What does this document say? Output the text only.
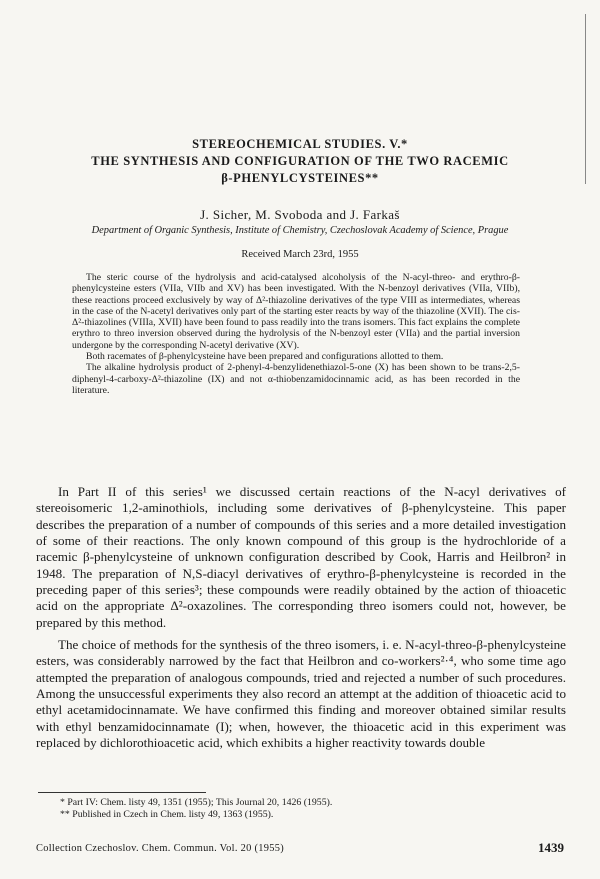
STEREOCHEMICAL STUDIES. V.*
THE SYNTHESIS AND CONFIGURATION OF THE TWO RACEMIC
β-PHENYLCYSTEINES**
J. Sicher, M. Svoboda and J. Farkaš
Department of Organic Synthesis, Institute of Chemistry, Czechoslovak Academy of Science, Prague
Received March 23rd, 1955

The steric course of the hydrolysis and acid-catalysed alcoholysis of the N-acyl-threo- and erythro-β-phenylcysteine esters (VIIa, VIIb and XV) has been investigated. With the N-benzoyl derivatives (VIIa, VIIb), these reactions proceed exclusively by way of Δ²-thiazoline derivatives of the type VIII as intermediates, whereas in the case of the N-acetyl derivatives only part of the starting ester reacts by way of the thiazoline (XVII). The cis-Δ²-thiazolines (VIIIa, XVII) have been found to pass readily into the trans isomers. This fact explains the complete erythro to threo inversion observed during the hydrolysis of the N-benzoyl ester (VIIa) and the partial inversion undergone by the corresponding N-acetyl derivative (XV).

Both racemates of β-phenylcysteine have been prepared and configurations allotted to them.

The alkaline hydrolysis product of 2-phenyl-4-benzylidenethiazol-5-one (X) has been shown to be trans-2,5-diphenyl-4-carboxy-Δ²-thiazoline (IX) and not α-thiobenzamidocinnamic acid, as has been recorded in the literature.

In Part II of this series¹ we discussed certain reactions of the N-acyl derivatives of stereoisomeric 1,2-aminothiols, including some derivatives of β-phenylcysteine. This paper describes the preparation of a number of compounds of this series and a more detailed investigation of some of their reactions. The only known compound of this group is the hydrochloride of a racemic β-phenylcysteine of unknown configuration described by Cook, Harris and Heilbron² in 1948. The preparation of N,S-diacyl derivatives of erythro-β-phenylcysteine is recorded in the preceding paper of this series³; these compounds were readily obtained by the action of thioacetic acid on the appropriate Δ²-oxazolines. The corresponding threo isomers could not, however, be prepared by this method.

The choice of methods for the synthesis of the threo isomers, i. e. N-acyl-threo-β-phenylcysteine esters, was considerably narrowed by the fact that Heilbron and co-workers²·⁴, who some time ago attempted the preparation of analogous compounds, tried and rejected a number of such procedures. Among the unsuccessful experiments they also record an attempt at the addition of thioacetic acid to ethyl acetamidocinnamate. We have confirmed this finding and moreover obtained similar results with ethyl benzamidocinnamate (I); when, however, the thioacetic acid in this experiment was replaced by dichlorothioacetic acid, which exhibits a higher reactivity towards double

* Part IV: Chem. listy 49, 1351 (1955); This Journal 20, 1426 (1955).
** Published in Czech in Chem. listy 49, 1363 (1955).
Collection Czechoslov. Chem. Commun. Vol. 20 (1955)	1439
